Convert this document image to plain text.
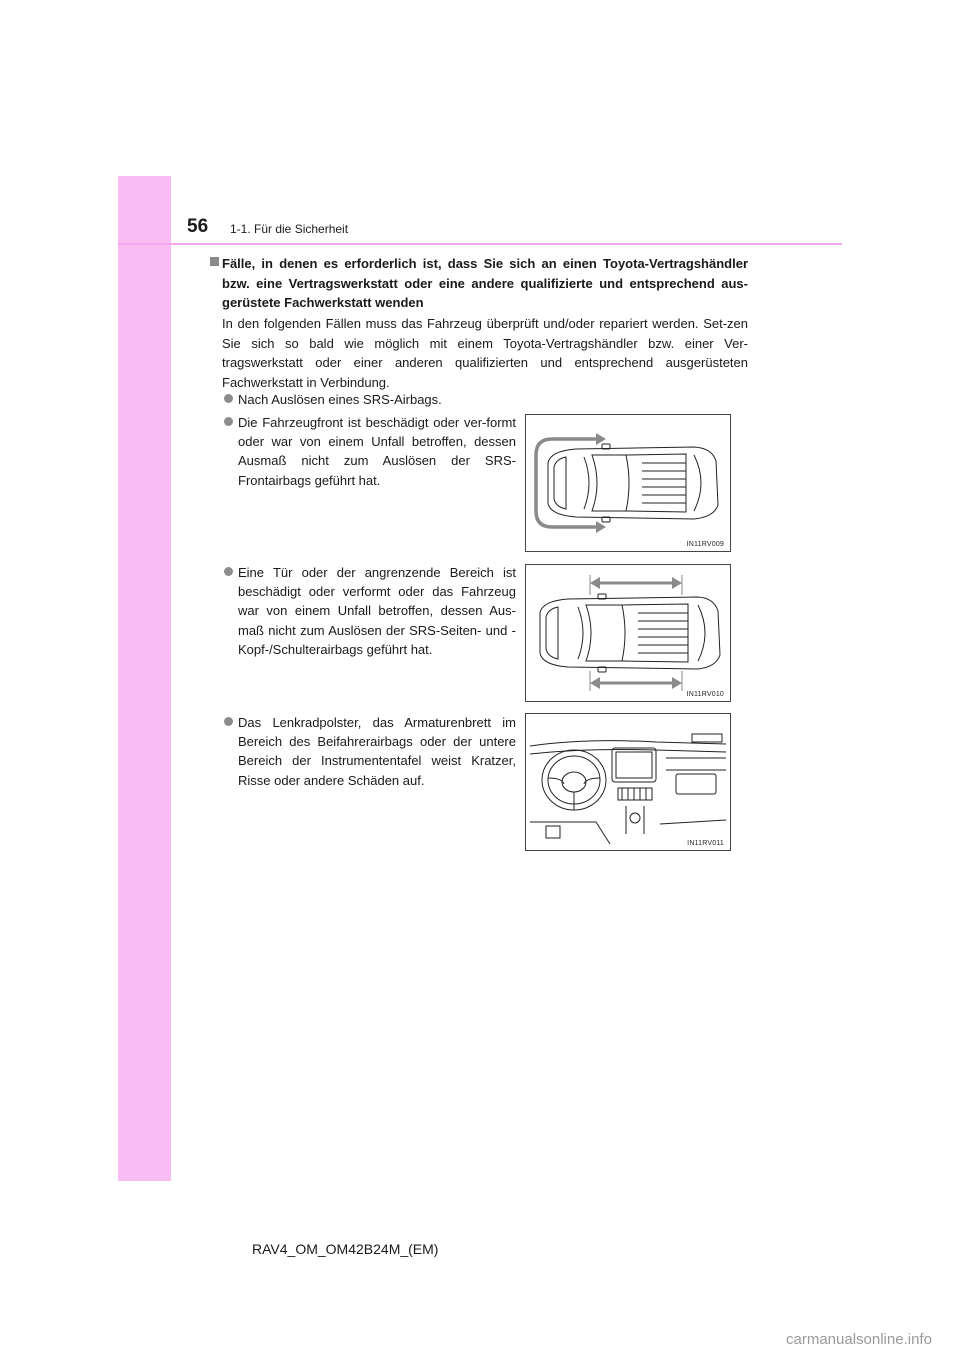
56 1-1. Für die Sicherheit

Fälle, in denen es erforderlich ist, dass Sie sich an einen Toyota-Vertragshändler bzw. eine Vertragswerkstatt oder eine andere qualifizierte und entsprechend aus-gerüstete Fachwerkstatt wenden

In den folgenden Fällen muss das Fahrzeug überprüft und/oder repariert werden. Set-zen Sie sich so bald wie möglich mit einem Toyota-Vertragshändler bzw. einer Ver-tragswerkstatt oder einer anderen qualifizierten und entsprechend ausgerüsteten Fachwerkstatt in Verbindung.

Nach Auslösen eines SRS-Airbags.

Die Fahrzeugfront ist beschädigt oder ver-formt oder war von einem Unfall betroffen, dessen Ausmaß nicht zum Auslösen der SRS-Frontairbags geführt hat.

Eine Tür oder der angrenzende Bereich ist beschädigt oder verformt oder das Fahrzeug war von einem Unfall betroffen, dessen Aus-maß nicht zum Auslösen der SRS-Seiten- und -Kopf-/Schulterairbags geführt hat.

Das Lenkradpolster, das Armaturenbrett im Bereich des Beifahrerairbags oder der untere Bereich der Instrumententafel weist Kratzer, Risse oder andere Schäden auf.

IN11RV009
IN11RV010
IN11RV011
RAV4_OM_OM42B24M_(EM)
carmanualsonline.info
